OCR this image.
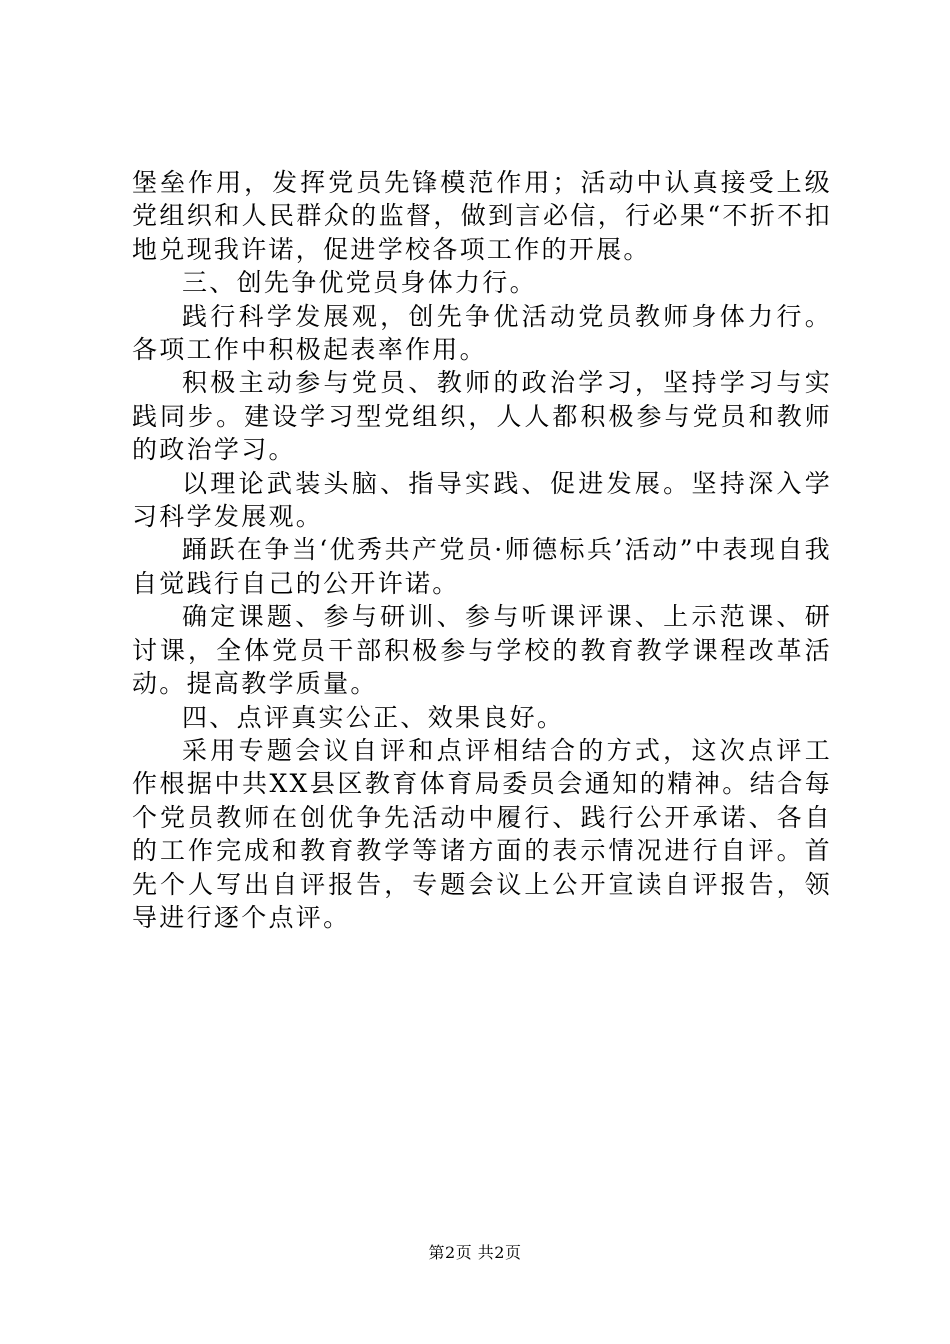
堡垒作用，发挥党员先锋模范作用；活动中认真接受上级党组织和人民群众的监督，做到言必信，行必果“不折不扣地兑现我许诺，促进学校各项工作的开展。

三、创先争优党员身体力行。

践行科学发展观，创先争优活动党员教师身体力行。各项工作中积极起表率作用。

积极主动参与党员、教师的政治学习，坚持学习与实践同步。建设学习型党组织，人人都积极参与党员和教师的政治学习。

以理论武装头脑、指导实践、促进发展。坚持深入学习科学发展观。

踊跃在争当‘优秀共产党员·师德标兵’活动”中表现自我自觉践行自己的公开许诺。

确定课题、参与研训、参与听课评课、上示范课、研讨课，全体党员干部积极参与学校的教育教学课程改革活动。提高教学质量。

四、点评真实公正、效果良好。

采用专题会议自评和点评相结合的方式，这次点评工作根据中共XX县区教育体育局委员会通知的精神。结合每个党员教师在创优争先活动中履行、践行公开承诺、各自的工作完成和教育教学等诸方面的表示情况进行自评。首先个人写出自评报告，专题会议上公开宣读自评报告，领导进行逐个点评。

第2页 共2页
